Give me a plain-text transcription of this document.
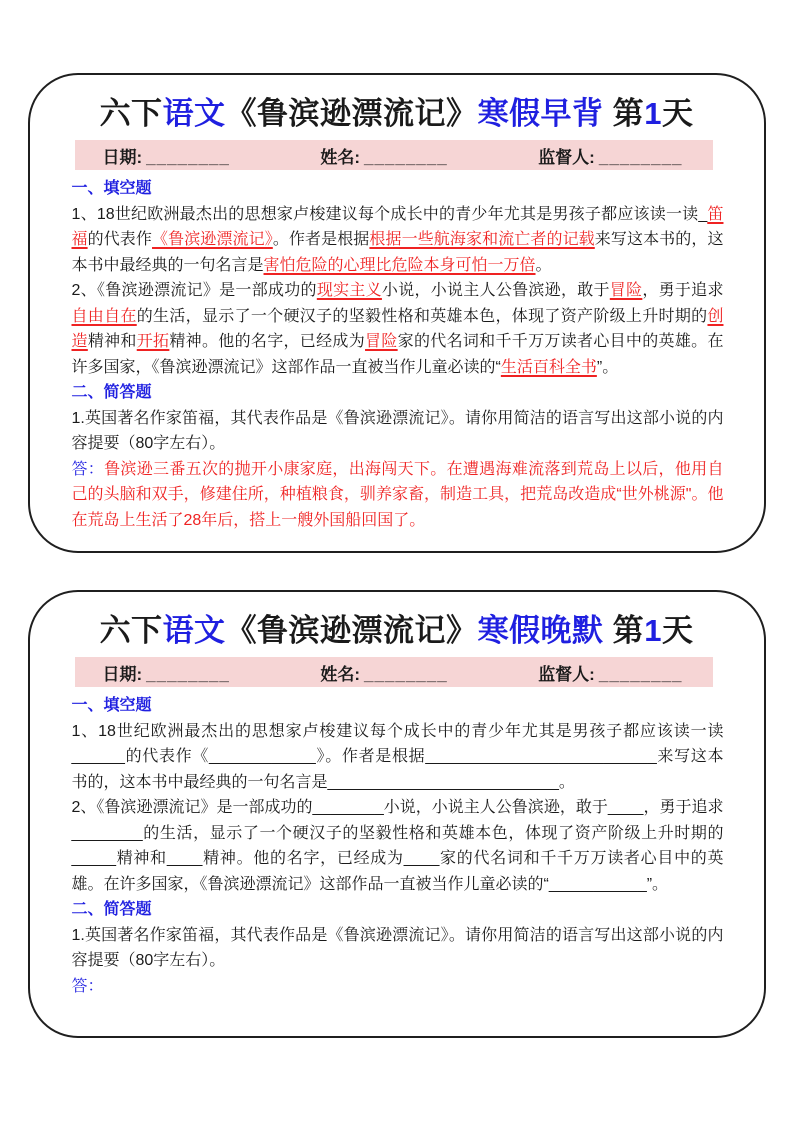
六下语文《鲁滨逊漂流记》寒假早背 第1天
日期: ________	姓名: ________	监督人: ________
一、填空题

1、18世纪欧洲最杰出的思想家卢梭建议每个成长中的青少年尤其是男孩子都应该读一读_笛福的代表作《鲁滨逊漂流记》。作者是根据根据一些航海家和流亡者的记载来写这本书的，这本书中最经典的一句名言是害怕危险的心理比危险本身可怕一万倍。

2、《鲁滨逊漂流记》是一部成功的现实主义小说，小说主人公鲁滨逊，敢于冒险，勇于追求自由自在的生活，显示了一个硬汉子的坚毅性格和英雄本色，体现了资产阶级上升时期的创造精神和开拓精神。他的名字，已经成为冒险家的代名词和千千万万读者心目中的英雄。在许多国家，《鲁滨逊漂流记》这部作品一直被当作儿童必读的“生活百科全书”。

二、简答题

1.英国著名作家笛福，其代表作品是《鲁滨逊漂流记》。请你用简洁的语言写出这部小说的内容提要（80字左右）。

答：鲁滨逊三番五次的抛开小康家庭，出海闯天下。在遭遇海难流落到荒岛上以后，他用自己的头脑和双手，修建住所，种植粮食，驯养家畜，制造工具，把荒岛改造成“世外桃源"。他在荒岛上生活了28年后，搭上一艘外国船回国了。

六下语文《鲁滨逊漂流记》寒假晚默 第1天
日期: ________	姓名: ________	监督人: ________
一、填空题

1、18世纪欧洲最杰出的思想家卢梭建议每个成长中的青少年尤其是男孩子都应该读一读______的代表作《____________》。作者是根据__________________________来写这本书的，这本书中最经典的一句名言是__________________________。

2、《鲁滨逊漂流记》是一部成功的________小说，小说主人公鲁滨逊，敢于____，勇于追求________的生活，显示了一个硬汉子的坚毅性格和英雄本色，体现了资产阶级上升时期的_____精神和____精神。他的名字，已经成为____家的代名词和千千万万读者心目中的英雄。在许多国家，《鲁滨逊漂流记》这部作品一直被当作儿童必读的“___________”。

二、简答题

1.英国著名作家笛福，其代表作品是《鲁滨逊漂流记》。请你用简洁的语言写出这部小说的内容提要（80字左右）。

答：
